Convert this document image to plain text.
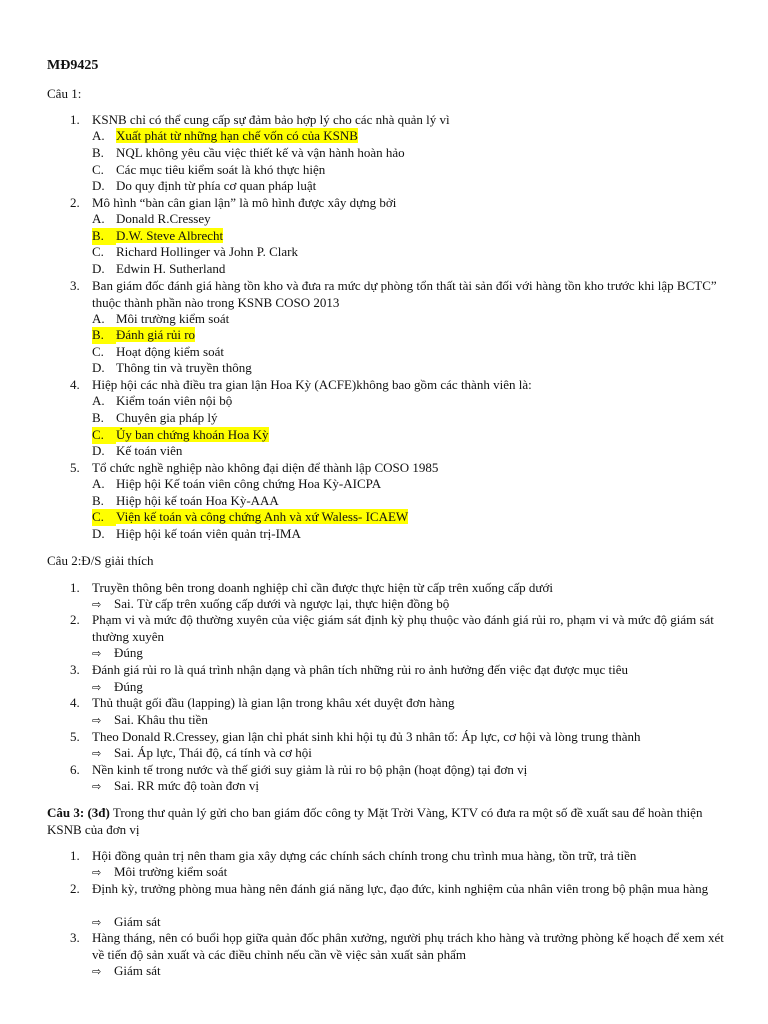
MĐ9425
Câu 1:
1. KSNB chỉ có thể cung cấp sự đảm bảo hợp lý cho các nhà quản lý vì
A. Xuất phát từ những hạn chế vốn có của KSNB
B. NQL không yêu cầu việc thiết kế và vận hành hoàn hảo
C. Các mục tiêu kiểm soát là khó thực hiện
D. Do quy định từ phía cơ quan pháp luật
2. Mô hình “bàn cân gian lận” là mô hình được xây dựng bởi
A. Donald R.Cressey
B. D.W. Steve Albrecht
C. Richard Hollinger và John P. Clark
D. Edwin H. Sutherland
3. Ban giám đốc đánh giá hàng tồn kho và đưa ra mức dự phòng tổn thất tài sản đối với hàng tồn kho trước khi lập BCTC” thuộc thành phần nào trong KSNB COSO 2013
A. Môi trường kiểm soát
B. Đánh giá rủi ro
C. Hoạt động kiểm soát
D. Thông tin và truyền thông
4. Hiệp hội các nhà điều tra gian lận Hoa Kỳ (ACFE)không bao gồm các thành viên là:
A. Kiểm toán viên nội bộ
B. Chuyên gia pháp lý
C. Ủy ban chứng khoán Hoa Kỳ
D. Kế toán viên
5. Tổ chức nghề nghiệp nào không đại diện để thành lập COSO 1985
A. Hiệp hội Kế toán viên công chứng Hoa Kỳ-AICPA
B. Hiệp hội kế toán Hoa Kỳ-AAA
C. Viện kế toán và công chứng Anh và xứ Waless- ICAEW
D. Hiệp hội kế toán viên quản trị-IMA
Câu 2:Đ/S giải thích
1. Truyền thông bên trong doanh nghiệp chỉ cần được thực hiện từ cấp trên xuống cấp dưới
⇨ Sai. Từ cấp trên xuống cấp dưới và ngược lại, thực hiện đồng bộ
2. Phạm vi và mức độ thường xuyên của việc giám sát định kỳ phụ thuộc vào đánh giá rủi ro, phạm vi và mức độ giám sát thường xuyên
⇨ Đúng
3. Đánh giá rủi ro là quá trình nhận dạng và phân tích những rủi ro ảnh hưởng đến việc đạt được mục tiêu
⇨ Đúng
4. Thủ thuật gối đầu (lapping) là gian lận trong khâu xét duyệt đơn hàng
⇨ Sai. Khâu thu tiền
5. Theo Donald R.Cressey, gian lận chỉ phát sinh khi hội tụ đủ 3 nhân tố: Áp lực, cơ hội và lòng trung thành
⇨ Sai. Áp lực, Thái độ, cá tính và cơ hội
6. Nền kinh tế trong nước và thế giới suy giảm là rủi ro bộ phận (hoạt động) tại đơn vị
⇨ Sai. RR mức độ toàn đơn vị
Câu 3: (3đ) Trong thư quản lý gửi cho ban giám đốc công ty Mặt Trời Vàng, KTV có đưa ra một số đề xuất sau để hoàn thiện KSNB của đơn vị
1. Hội đồng quản trị nên tham gia xây dựng các chính sách chính trong chu trình mua hàng, tồn trữ, trả tiền
⇨ Môi trường kiểm soát
2. Định kỳ, trưởng phòng mua hàng nên đánh giá năng lực, đạo đức, kinh nghiệm của nhân viên trong bộ phận mua hàng
⇨ Giám sát
3. Hàng tháng, nên có buổi họp giữa quản đốc phân xưởng, người phụ trách kho hàng và trưởng phòng kế hoạch để xem xét về tiến độ sản xuất và các điều chỉnh nếu cần về việc sản xuất sản phẩm
⇨ Giám sát
